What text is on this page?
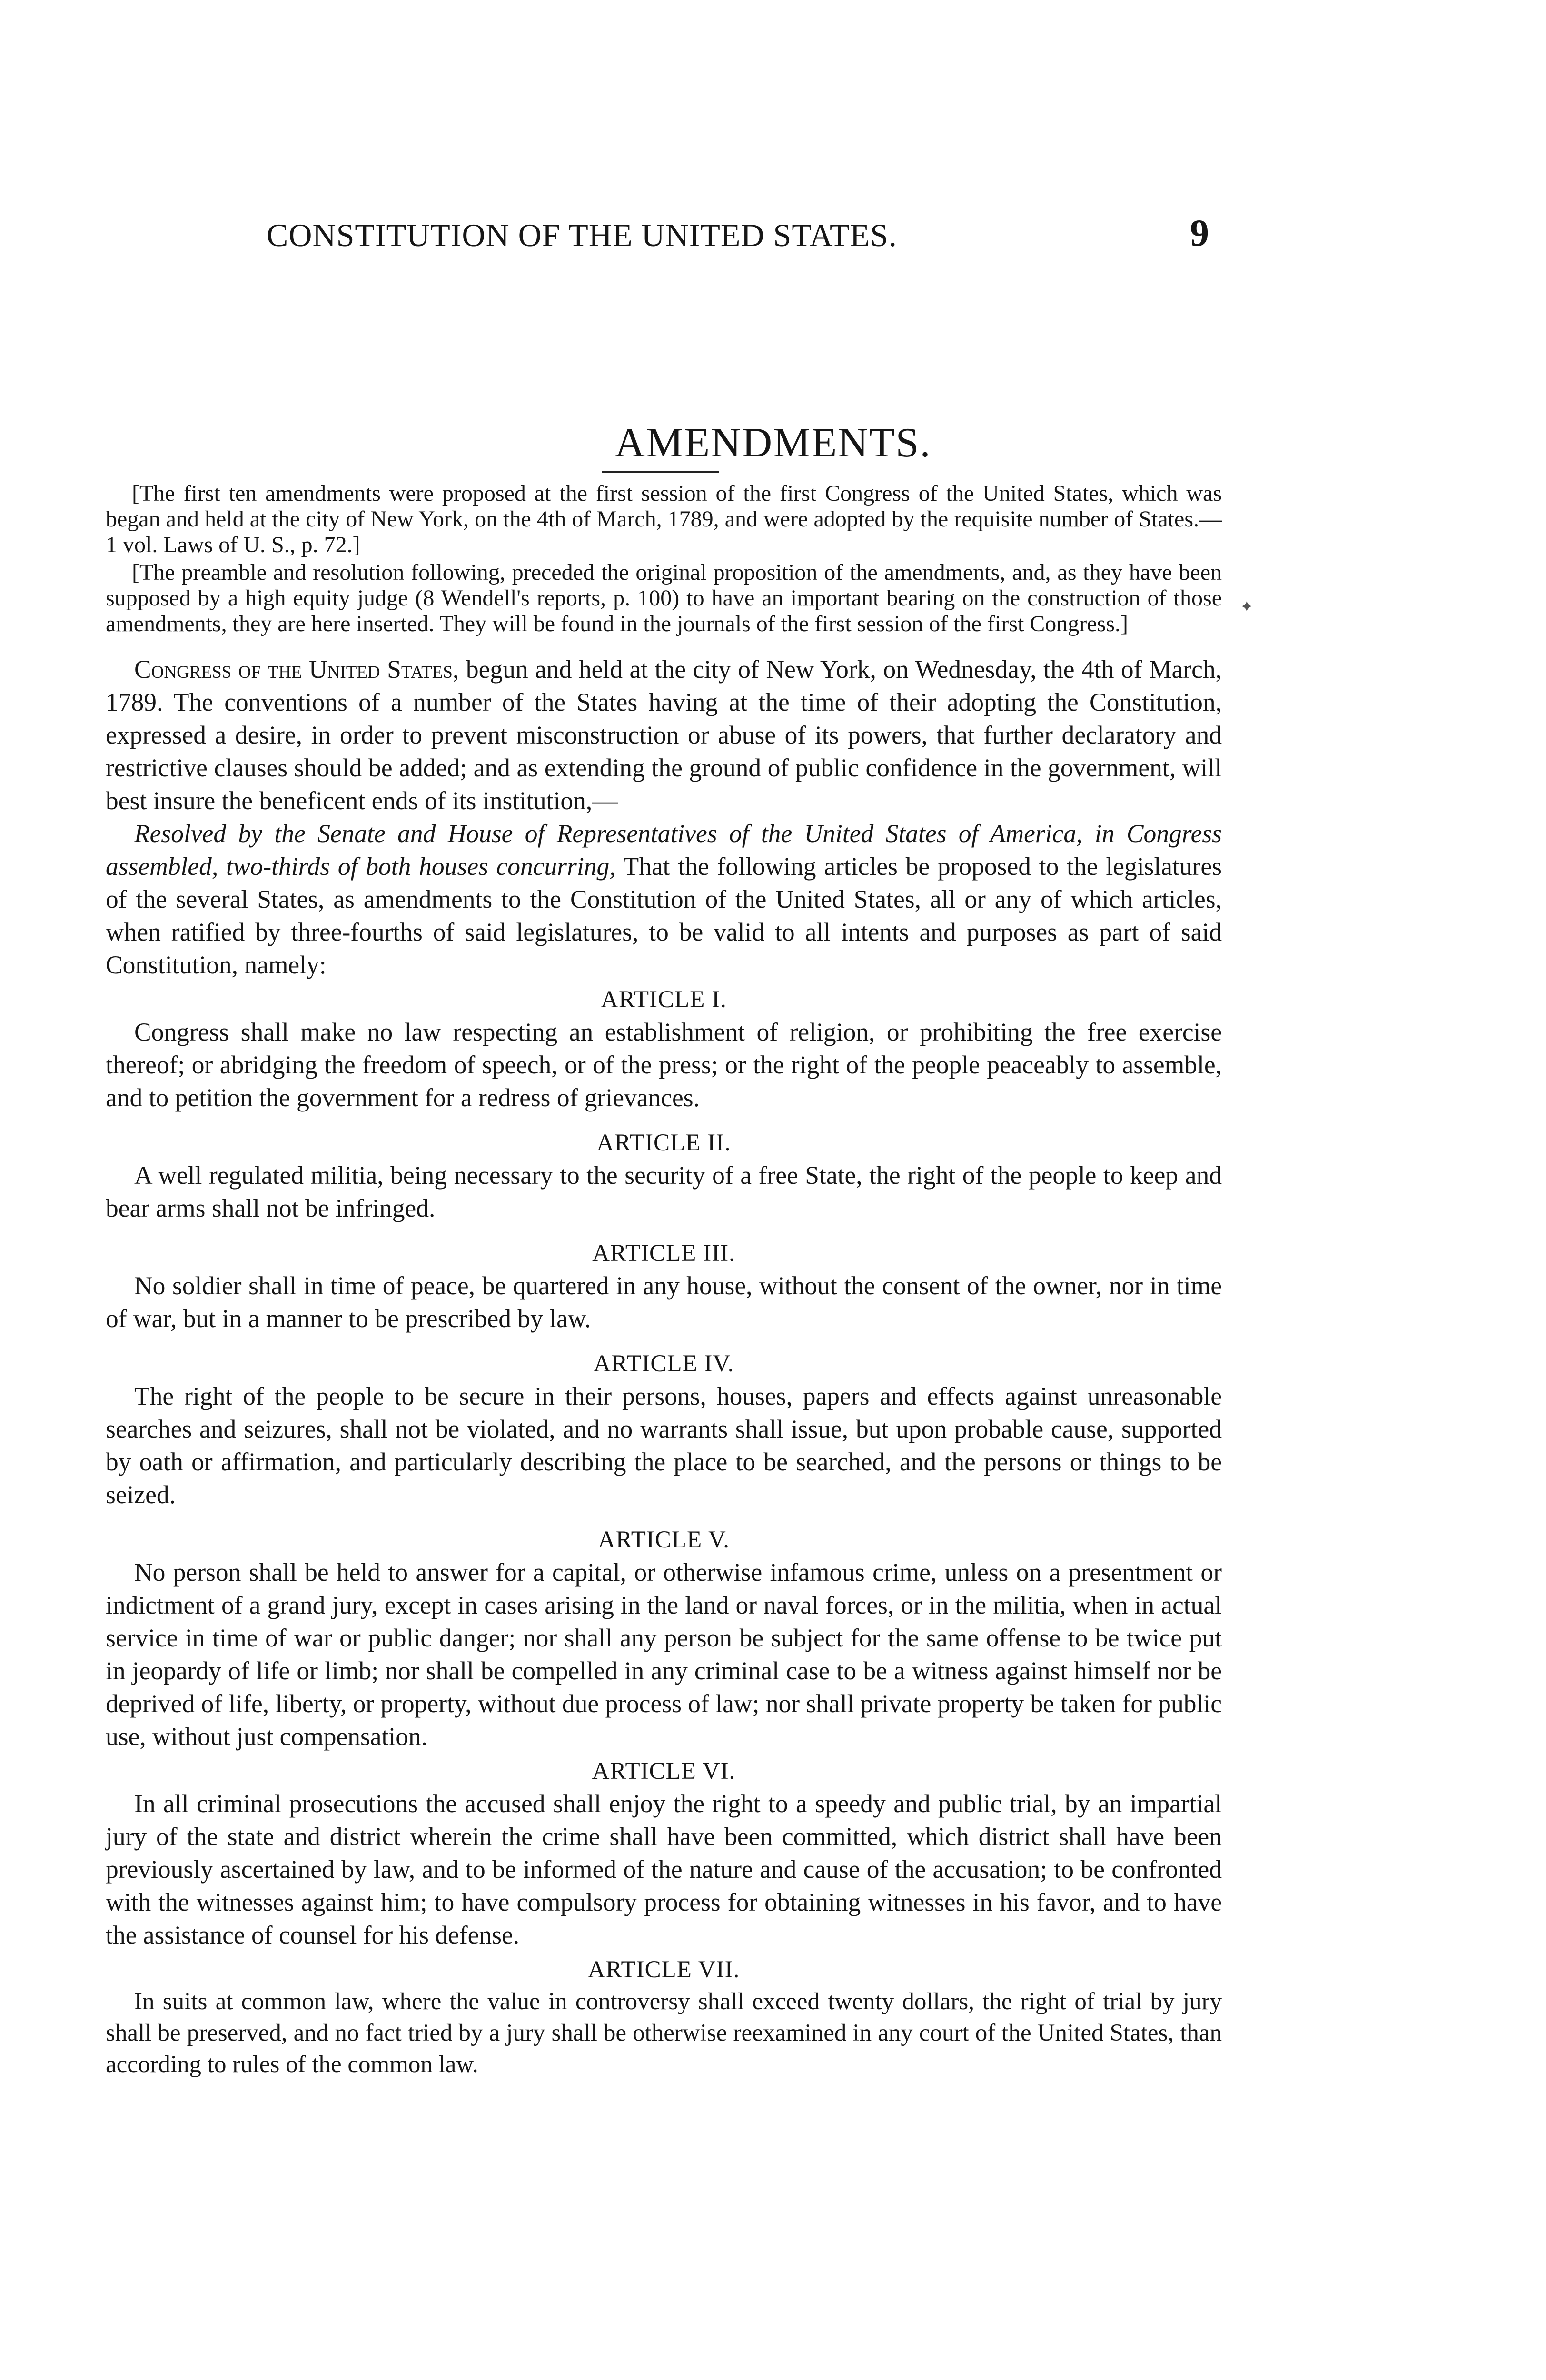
CONSTITUTION OF THE UNITED STATES.	9
AMENDMENTS.
✦

[The first ten amendments were proposed at the first session of the first Congress of the United States, which was began and held at the city of New York, on the 4th of March, 1789, and were adopted by the requisite number of States.—1 vol. Laws of U. S., p. 72.]

[The preamble and resolution following, preceded the original proposition of the amendments, and, as they have been supposed by a high equity judge (8 Wendell's reports, p. 100) to have an important bearing on the construction of those amendments, they are here inserted. They will be found in the journals of the first session of the first Congress.]

Congress of the United States, begun and held at the city of New York, on Wednesday, the 4th of March, 1789. The conventions of a number of the States having at the time of their adopting the Constitution, expressed a desire, in order to prevent misconstruction or abuse of its powers, that further declaratory and restrictive clauses should be added; and as extending the ground of public confidence in the government, will best insure the beneficent ends of its institution,—

Resolved by the Senate and House of Representatives of the United States of America, in Congress assembled, two-thirds of both houses concurring, That the following articles be proposed to the legislatures of the several States, as amendments to the Constitution of the United States, all or any of which articles, when ratified by three-fourths of said legislatures, to be valid to all intents and purposes as part of said Constitution, namely:

ARTICLE I.

Congress shall make no law respecting an establishment of religion, or prohibiting the free exercise thereof; or abridging the freedom of speech, or of the press; or the right of the people peaceably to assemble, and to petition the government for a redress of grievances.

ARTICLE II.

A well regulated militia, being necessary to the security of a free State, the right of the people to keep and bear arms shall not be infringed.

ARTICLE III.

No soldier shall in time of peace, be quartered in any house, without the consent of the owner, nor in time of war, but in a manner to be prescribed by law.

ARTICLE IV.

The right of the people to be secure in their persons, houses, papers and effects against unreasonable searches and seizures, shall not be violated, and no warrants shall issue, but upon probable cause, supported by oath or affirmation, and particularly describing the place to be searched, and the persons or things to be seized.

ARTICLE V.

No person shall be held to answer for a capital, or otherwise infamous crime, unless on a presentment or indictment of a grand jury, except in cases arising in the land or naval forces, or in the militia, when in actual service in time of war or public danger; nor shall any person be subject for the same offense to be twice put in jeopardy of life or limb; nor shall be compelled in any criminal case to be a witness against himself nor be deprived of life, liberty, or property, without due process of law; nor shall private property be taken for public use, without just compensation.

ARTICLE VI.

In all criminal prosecutions the accused shall enjoy the right to a speedy and public trial, by an impartial jury of the state and district wherein the crime shall have been committed, which district shall have been previously ascertained by law, and to be informed of the nature and cause of the accusation; to be confronted with the witnesses against him; to have compulsory process for obtaining witnesses in his favor, and to have the assistance of counsel for his defense.

ARTICLE VII.

In suits at common law, where the value in controversy shall exceed twenty dollars, the right of trial by jury shall be preserved, and no fact tried by a jury shall be otherwise reexamined in any court of the United States, than according to rules of the common law.
